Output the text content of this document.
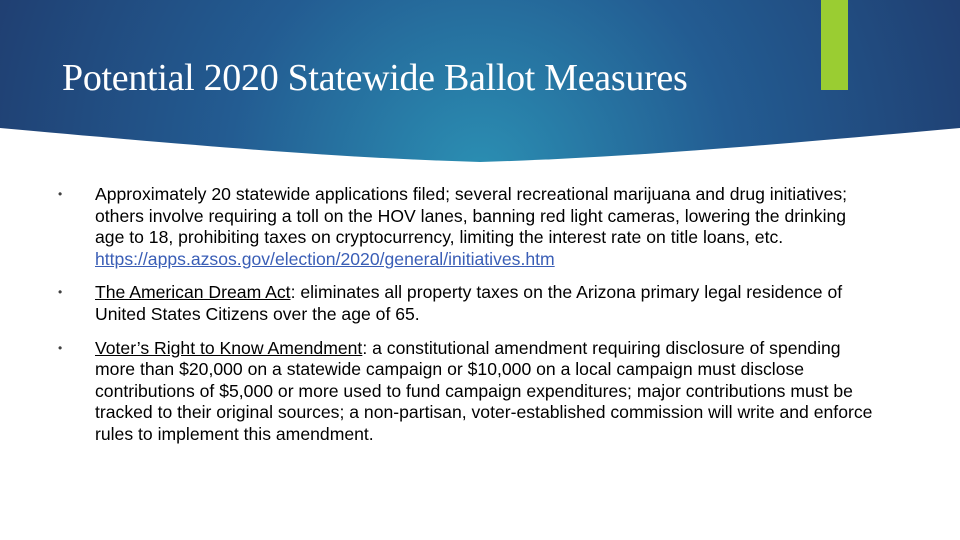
Potential 2020 Statewide Ballot Measures
• Approximately 20 statewide applications filed; several recreational marijuana and drug initiatives; others involve requiring a toll on the HOV lanes, banning red light cameras, lowering the drinking age to 18, prohibiting taxes on cryptocurrency, limiting the interest rate on title loans, etc. https://apps.azsos.gov/election/2020/general/initiatives.htm
• The American Dream Act: eliminates all property taxes on the Arizona primary legal residence of United States Citizens over the age of 65.
• Voter’s Right to Know Amendment: a constitutional amendment requiring disclosure of spending more than $20,000 on a statewide campaign or $10,000 on a local campaign must disclose contributions of $5,000 or more used to fund campaign expenditures; major contributions must be tracked to their original sources; a non-partisan, voter-established commission will write and enforce rules to implement this amendment.
